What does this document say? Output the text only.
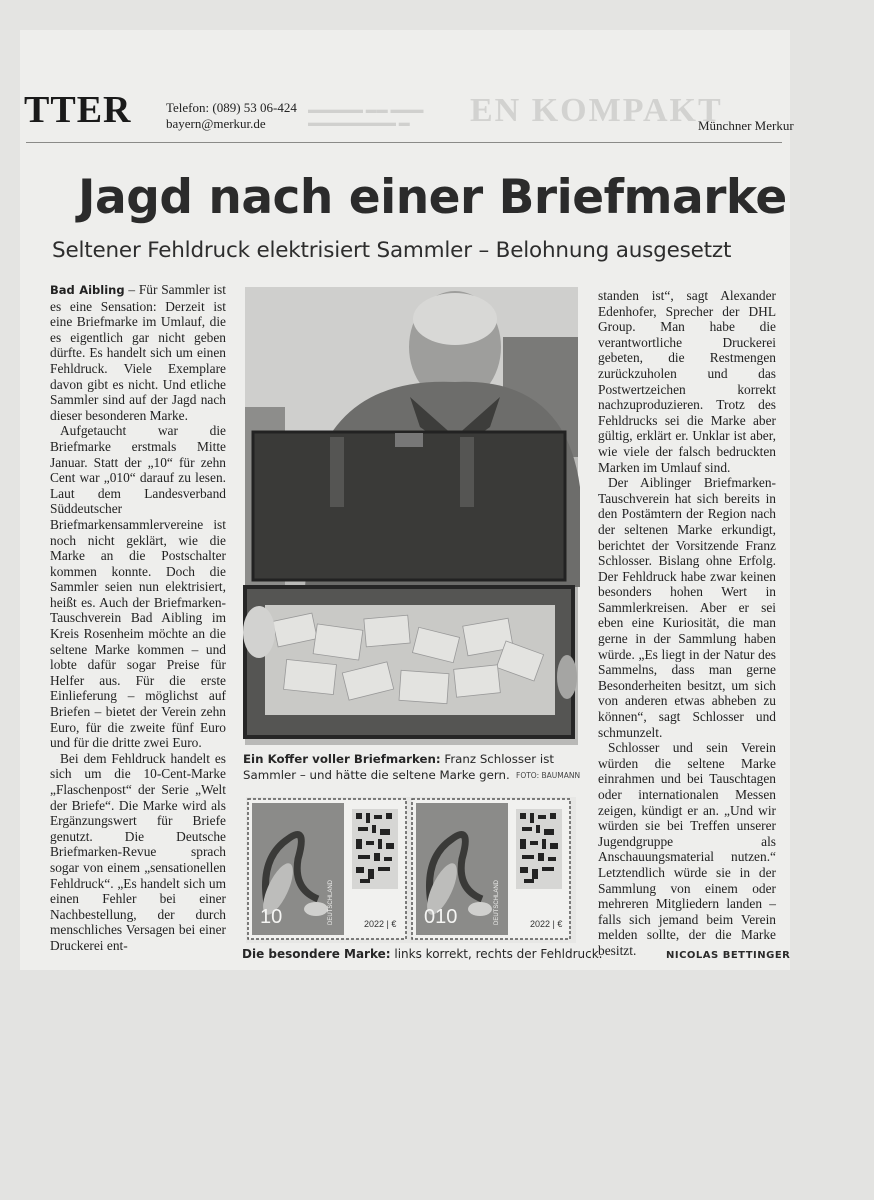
TTER	Telefon: (089) 53 06-424
bayern@merkur.de
▬▬▬▬▬ ▬▬ ▬▬▬
▬▬▬▬▬▬▬▬ ▬	EN KOMPAKT
Münchner Merkur
Jagd nach einer Briefmarke
Seltener Fehldruck elektrisiert Sammler – Belohnung ausgesetzt

Bad Aibling – Für Sammler ist es eine Sensation: Derzeit ist eine Briefmarke im Umlauf, die es eigentlich gar nicht geben dürfte. Es handelt sich um einen Fehldruck. Viele Exemplare davon gibt es nicht. Und etliche Sammler sind auf der Jagd nach dieser besonderen Marke.

Aufgetaucht war die Briefmarke erstmals Mitte Januar. Statt der „10“ für zehn Cent war „010“ darauf zu lesen. Laut dem Landesverband Süddeutscher Briefmarkensammlervereine ist noch nicht geklärt, wie die Marke an die Postschalter kommen konnte. Doch die Sammler seien nun elektrisiert, heißt es. Auch der Briefmarken-Tauschverein Bad Aibling im Kreis Rosenheim möchte an die seltene Marke kommen – und lobte dafür sogar Preise für Helfer aus. Für die erste Einlieferung – möglichst auf Briefen – bietet der Verein zehn Euro, für die zweite fünf Euro und für die dritte zwei Euro.

Bei dem Fehldruck handelt es sich um die 10-Cent-Marke „Flaschenpost“ der Serie „Welt der Briefe“. Die Marke wird als Ergänzungswert für Briefe genutzt. Die Deutsche Briefmarken-Revue sprach sogar von einem „sensationellen Fehldruck“. „Es handelt sich um einen Fehler bei einer Nachbestellung, der durch menschliches Versagen bei einer Druckerei ent-

Ein Koffer voller Briefmarken: Franz Schlosser ist Sammler – und hätte die seltene Marke gern. FOTO: BAUMANN
10	DEUTSCHLAND	2022 | € 010	DEUTSCHLAND	2022 | €
Die besondere Marke: links korrekt, rechts der Fehldruck.

standen ist“, sagt Alexander Edenhofer, Sprecher der DHL Group. Man habe die verantwortliche Druckerei gebeten, die Restmengen zurückzuholen und das Postwertzeichen korrekt nachzuproduzieren. Trotz des Fehldrucks sei die Marke aber gültig, erklärt er. Unklar ist aber, wie viele der falsch bedruckten Marken im Umlauf sind.

Der Aiblinger Briefmarken-Tauschverein hat sich bereits in den Postämtern der Region nach der seltenen Marke erkundigt, berichtet der Vorsitzende Franz Schlosser. Bislang ohne Erfolg. Der Fehldruck habe zwar keinen besonders hohen Wert in Sammlerkreisen. Aber er sei eben eine Kuriosität, die man gerne in der Sammlung haben würde. „Es liegt in der Natur des Sammelns, dass man gerne Besonderheiten besitzt, um sich von anderen etwas abheben zu können“, sagt Schlosser und schmunzelt.

Schlosser und sein Verein würden die seltene Marke einrahmen und bei Tauschtagen oder internationalen Messen zeigen, kündigt er an. „Und wir würden sie bei Treffen unserer Jugendgruppe als Anschauungsmaterial nutzen.“ Letztendlich würde sie in der Sammlung von einem oder mehreren Mitgliedern landen – falls sich jemand beim Verein melden sollte, der die Marke besitzt.	NICOLAS BETTINGER
